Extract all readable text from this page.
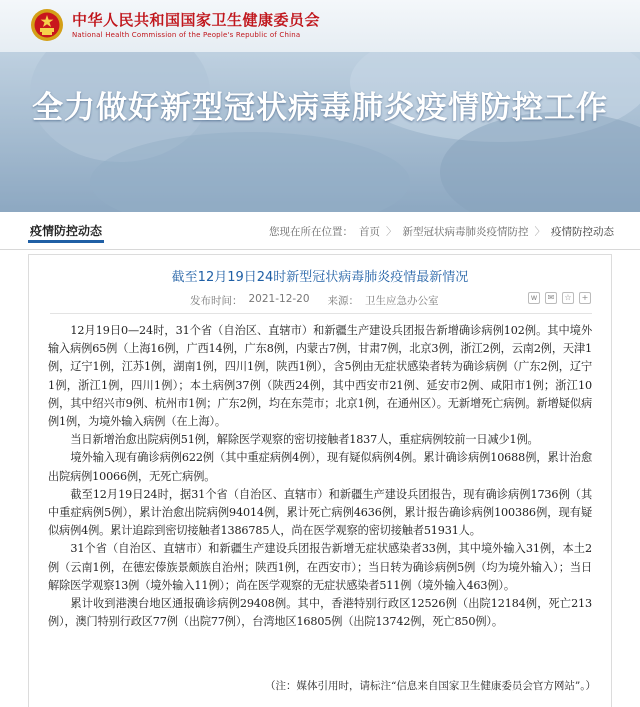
中华人民共和国国家卫生健康委员会
National Health Commission of the People's Republic of China
全力做好新型冠状病毒肺炎疫情防控工作
疫情防控动态	您现在所在位置： 首页 〉 新型冠状病毒肺炎疫情防控 〉 疫情防控动态
截至12月19日24时新型冠状病毒肺炎疫情最新情况
发布时间： 2021-12-20 来源： 卫生应急办公室	w	✉	☆	+

12月19日0—24时，31个省（自治区、直辖市）和新疆生产建设兵团报告新增确诊病例102例。其中境外输入病例65例（上海16例，广西14例，广东8例，内蒙古7例，甘肃7例，北京3例，浙江2例，云南2例，天津1例，辽宁1例，江苏1例，湖南1例，四川1例，陕西1例），含5例由无症状感染者转为确诊病例（广东2例，辽宁1例，浙江1例，四川1例）；本土病例37例（陕西24例，其中西安市21例、延安市2例、咸阳市1例；浙江10例，其中绍兴市9例、杭州市1例；广东2例，均在东莞市；北京1例，在通州区）。无新增死亡病例。新增疑似病例1例，为境外输入病例（在上海）。

当日新增治愈出院病例51例，解除医学观察的密切接触者1837人，重症病例较前一日减少1例。

境外输入现有确诊病例622例（其中重症病例4例），现有疑似病例4例。累计确诊病例10688例，累计治愈出院病例10066例，无死亡病例。

截至12月19日24时，据31个省（自治区、直辖市）和新疆生产建设兵团报告，现有确诊病例1736例（其中重症病例5例），累计治愈出院病例94014例，累计死亡病例4636例，累计报告确诊病例100386例，现有疑似病例4例。累计追踪到密切接触者1386785人，尚在医学观察的密切接触者51931人。

31个省（自治区、直辖市）和新疆生产建设兵团报告新增无症状感染者33例，其中境外输入31例，本土2例（云南1例，在德宏傣族景颇族自治州；陕西1例，在西安市）；当日转为确诊病例5例（均为境外输入）；当日解除医学观察13例（境外输入11例）；尚在医学观察的无症状感染者511例（境外输入463例）。

累计收到港澳台地区通报确诊病例29408例。其中，香港特别行政区12526例（出院12184例，死亡213例），澳门特别行政区77例（出院77例），台湾地区16805例（出院13742例，死亡850例）。

（注：媒体引用时，请标注“信息来自国家卫生健康委员会官方网站”。）
